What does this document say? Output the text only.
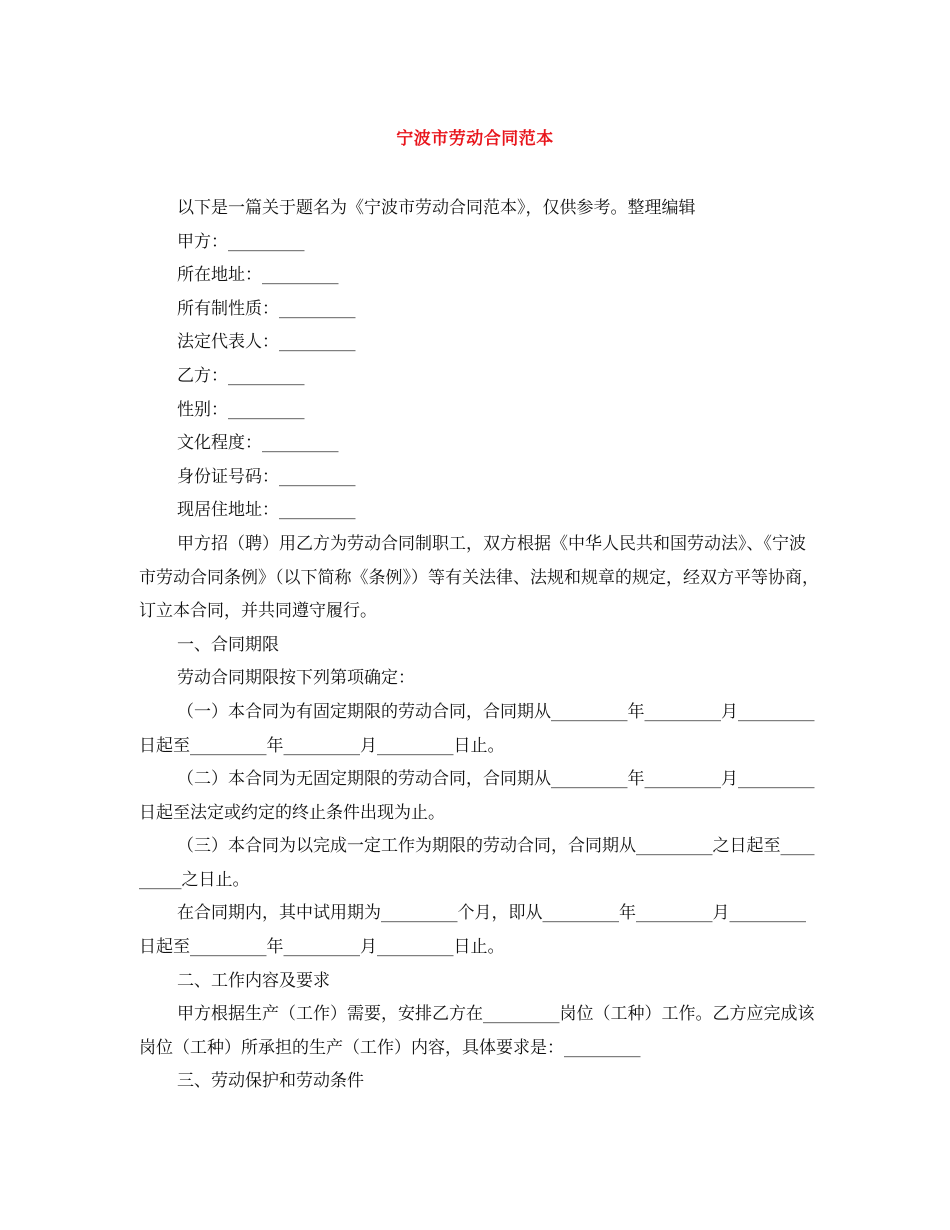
宁波市劳动合同范本

以下是一篇关于题名为《宁波市劳动合同范本》，仅供参考。整理编辑

甲方：_________

所在地址：_________

所有制性质：_________

法定代表人：_________

乙方：_________

性别：_________

文化程度：_________

身份证号码：_________

现居住地址：_________

甲方招（聘）用乙方为劳动合同制职工，双方根据《中华人民共和国劳动法》、《宁波市劳动合同条例》（以下简称《条例》）等有关法律、法规和规章的规定，经双方平等协商，订立本合同，并共同遵守履行。

一、合同期限

劳动合同期限按下列第项确定：

（一）本合同为有固定期限的劳动合同，合同期从_________年_________月_________日起至_________年_________月_________日止。

（二）本合同为无固定期限的劳动合同，合同期从_________年_________月_________日起至法定或约定的终止条件出现为止。

（三）本合同为以完成一定工作为期限的劳动合同，合同期从_________之日起至_________之日止。

在合同期内，其中试用期为_________个月，即从_________年_________月_________日起至_________年_________月_________日止。

二、工作内容及要求

甲方根据生产（工作）需要，安排乙方在_________岗位（工种）工作。乙方应完成该岗位（工种）所承担的生产（工作）内容，具体要求是：_________

三、劳动保护和劳动条件
